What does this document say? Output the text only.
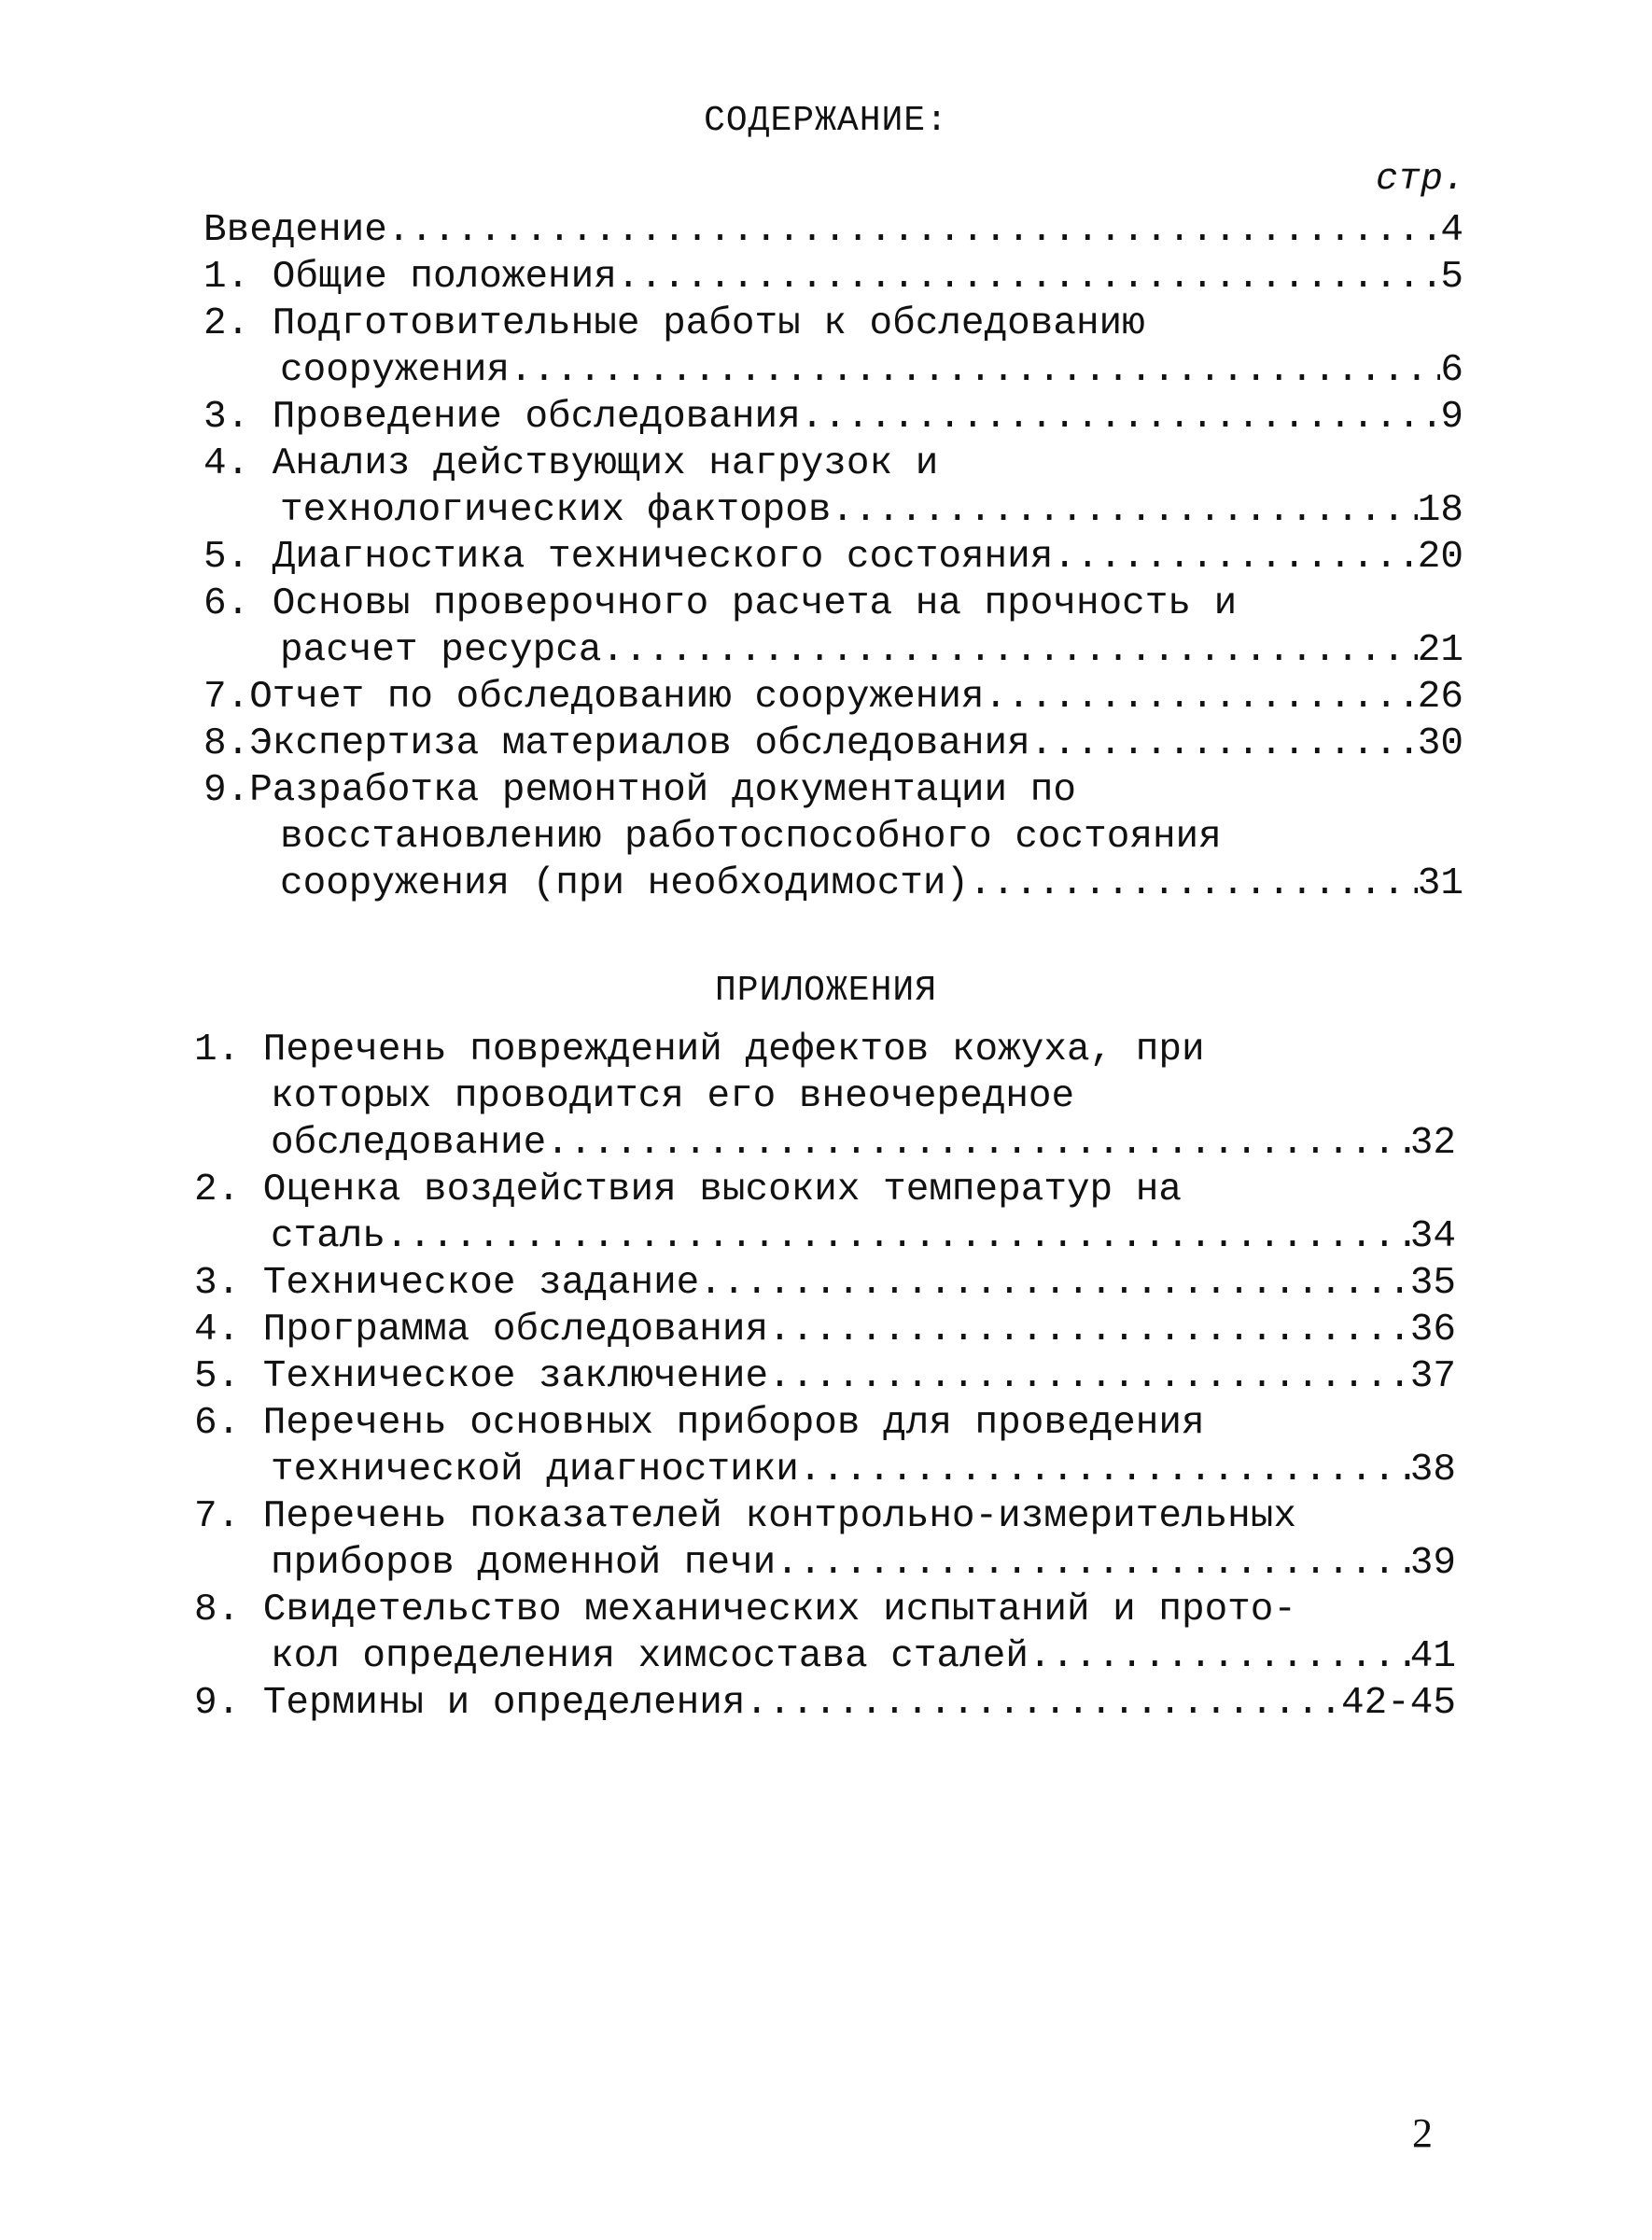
СОДЕРЖАНИЕ:
стр.
Введение .....	4
1. Общие положения .....	5
2. Подготовительные работы к обследованию
сооружения .....	6
3. Проведение обследования .....	9
4. Анализ действующих нагрузок и
технологических факторов .....	18
5. Диагностика технического состояния .....	20
6. Основы проверочного расчета на прочность и
расчет ресурса .....	21
7.Отчет по обследованию сооружения .....	26
8.Экспертиза материалов обследования .....	30
9.Разработка ремонтной документации по
восстановлению работоспособного состояния
сооружения (при необходимости) .....	31
ПРИЛОЖЕНИЯ
1. Перечень повреждений дефектов кожуха, при
которых проводится его внеочередное
обследование .....	32
2. Оценка воздействия высоких температур на
сталь .....	34
3. Техническое задание .....	35
4. Программа обследования .....	36
5. Техническое заключение .....	37
6. Перечень основных приборов для проведения
технической диагностики .....	38
7. Перечень показателей контрольно-измерительных
приборов доменной печи .....	39
8. Свидетельство механических испытаний и прото-
кол определения химсостава сталей .....	41
9. Термины и определения .....	42-45
2
